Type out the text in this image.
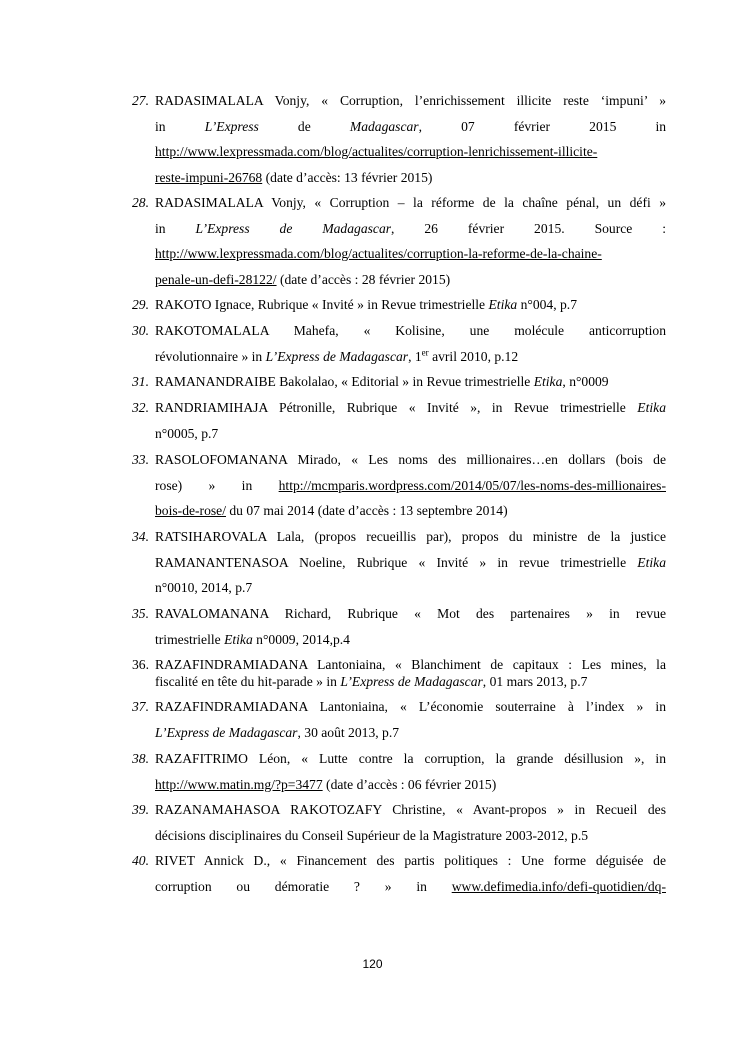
27. RADASIMALALA Vonjy, « Corruption, l’enrichissement illicite reste ‘impuni’ »
in	L’Express	de	Madagascar,	07	février	2015	in
http://www.lexpressmada.com/blog/actualites/corruption-lenrichissement-illicite-
reste-impuni-26768 (date d’accès: 13 février 2015)
28. RADASIMALALA Vonjy, « Corruption – la réforme de la chaîne pénal, un défi »
in L’Express de Madagascar, 26 février 2015. Source :
http://www.lexpressmada.com/blog/actualites/corruption-la-reforme-de-la-chaine-
penale-un-defi-28122/ (date d’accès : 28 février 2015)
29. RAKOTO Ignace, Rubrique « Invité » in Revue trimestrielle Etika n°004, p.7
30. RAKOTOMALALA Mahefa, « Kolisine, une molécule anticorruption
révolutionnaire » in L’Express de Madagascar, 1er avril 2010, p.12
31. RAMANANDRAIBE Bakolalao, « Editorial » in Revue trimestrielle Etika, n°0009
32. RANDRIAMIHAJA Pétronille, Rubrique « Invité », in Revue trimestrielle Etika
n°0005, p.7
33. RASOLOFOMANANA Mirado, « Les noms des millionaires…en dollars (bois de
rose) » in http://mcmparis.wordpress.com/2014/05/07/les-noms-des-millionaires-
bois-de-rose/ du 07 mai 2014 (date d’accès : 13 septembre 2014)
34. RATSIHAROVALA Lala, (propos recueillis par), propos du ministre de la justice
RAMANANTENASOA Noeline, Rubrique « Invité » in revue trimestrielle Etika
n°0010, 2014, p.7
35. RAVALOMANANA Richard, Rubrique « Mot des partenaires » in revue
trimestrielle Etika n°0009, 2014,p.4
36. RAZAFINDRAMIADANA Lantoniaina, « Blanchiment de capitaux : Les mines, la
fiscalité en tête du hit-parade » in L’Express de Madagascar, 01 mars 2013, p.7
37. RAZAFINDRAMIADANA Lantoniaina, « L’économie souterraine à l’index » in
L’Express de Madagascar, 30 août 2013, p.7
38. RAZAFITRIMO Léon, « Lutte contre la corruption, la grande désillusion », in
http://www.matin.mg/?p=3477 (date d’accès : 06 février 2015)
39. RAZANAMAHASOA RAKOTOZAFY Christine, « Avant-propos » in Recueil des
décisions disciplinaires du Conseil Supérieur de la Magistrature 2003-2012, p.5
40. RIVET Annick D., « Financement des partis politiques : Une forme déguisée de
corruption ou démoratie ? » in www.defimedia.info/defi-quotidien/dq-
120
